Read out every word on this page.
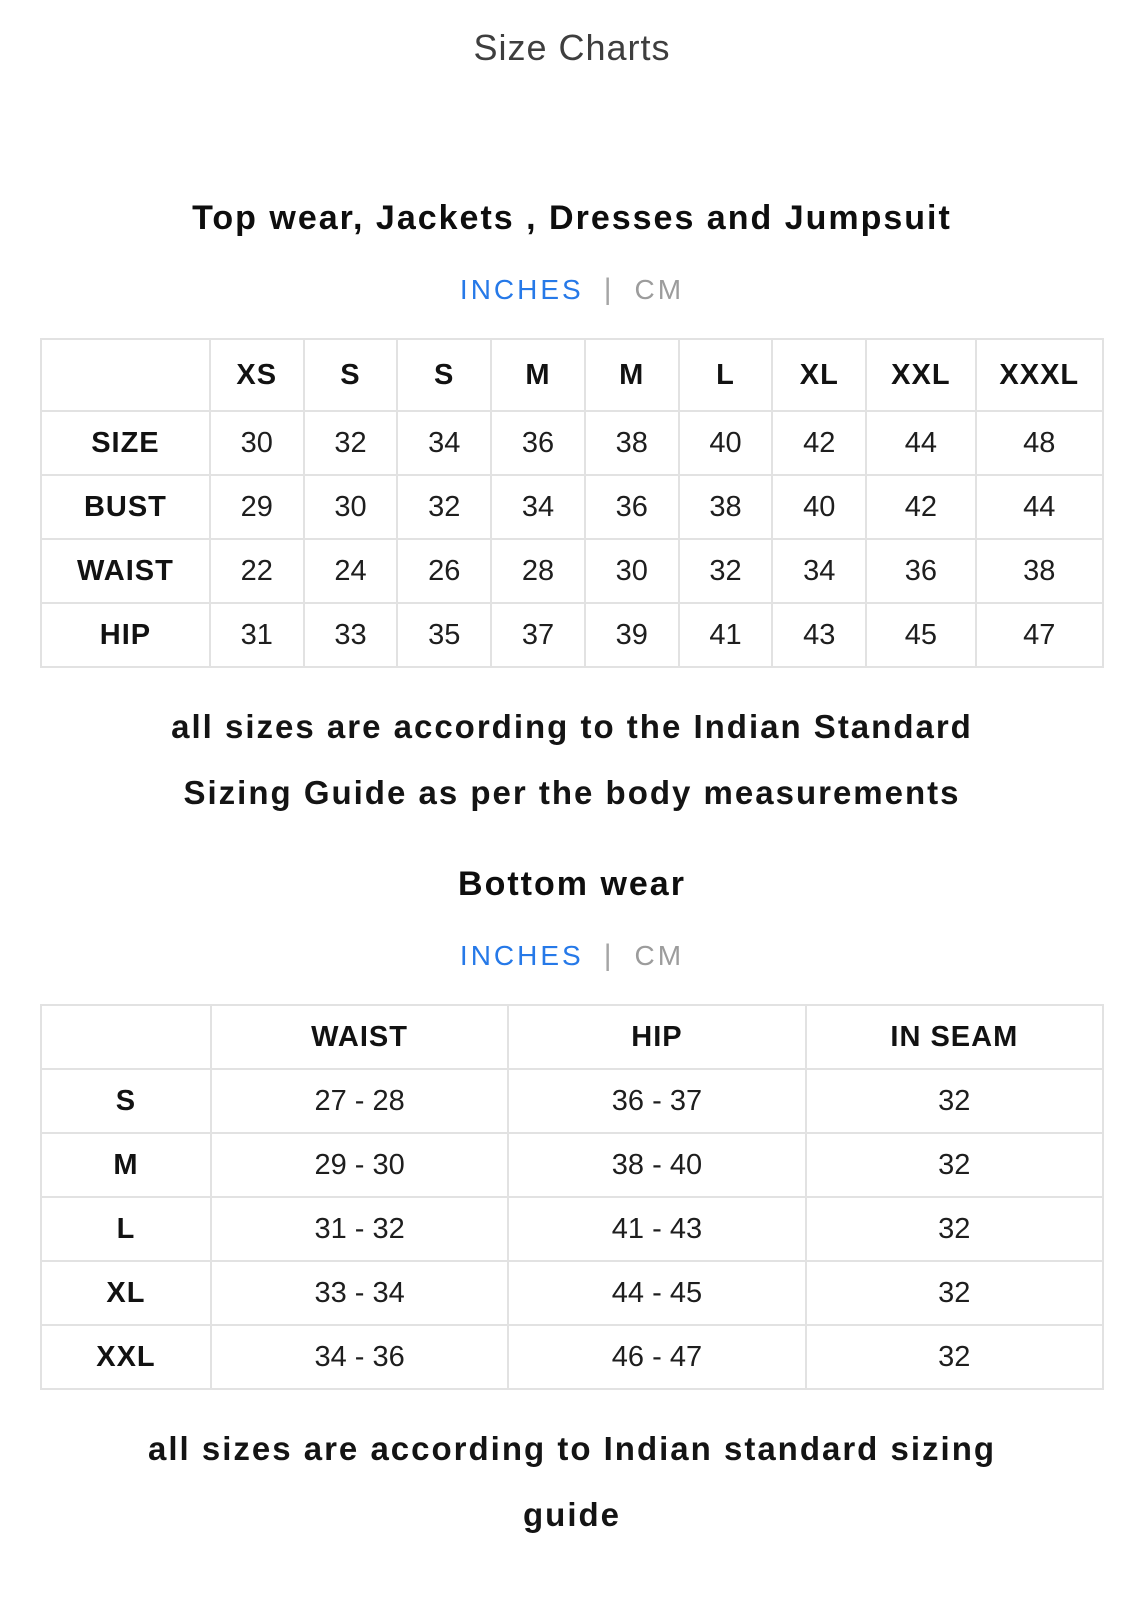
Size Charts
Top wear, Jackets , Dresses and Jumpsuit
INCHES | CM
	XS	S	S	M	M	L	XL	XXL	XXXL
SIZE	30	32	34	36	38	40	42	44	48
BUST	29	30	32	34	36	38	40	42	44
WAIST	22	24	26	28	30	32	34	36	38
HIP	31	33	35	37	39	41	43	45	47

all sizes are according to the Indian Standard
Sizing Guide as per the body measurements

Bottom wear
INCHES | CM
	WAIST	HIP	IN SEAM
S	27 - 28	36 - 37	32
M	29 - 30	38 - 40	32
L	31 - 32	41 - 43	32
XL	33 - 34	44 - 45	32
XXL	34 - 36	46 - 47	32

all sizes are according to Indian standard sizing
guide
